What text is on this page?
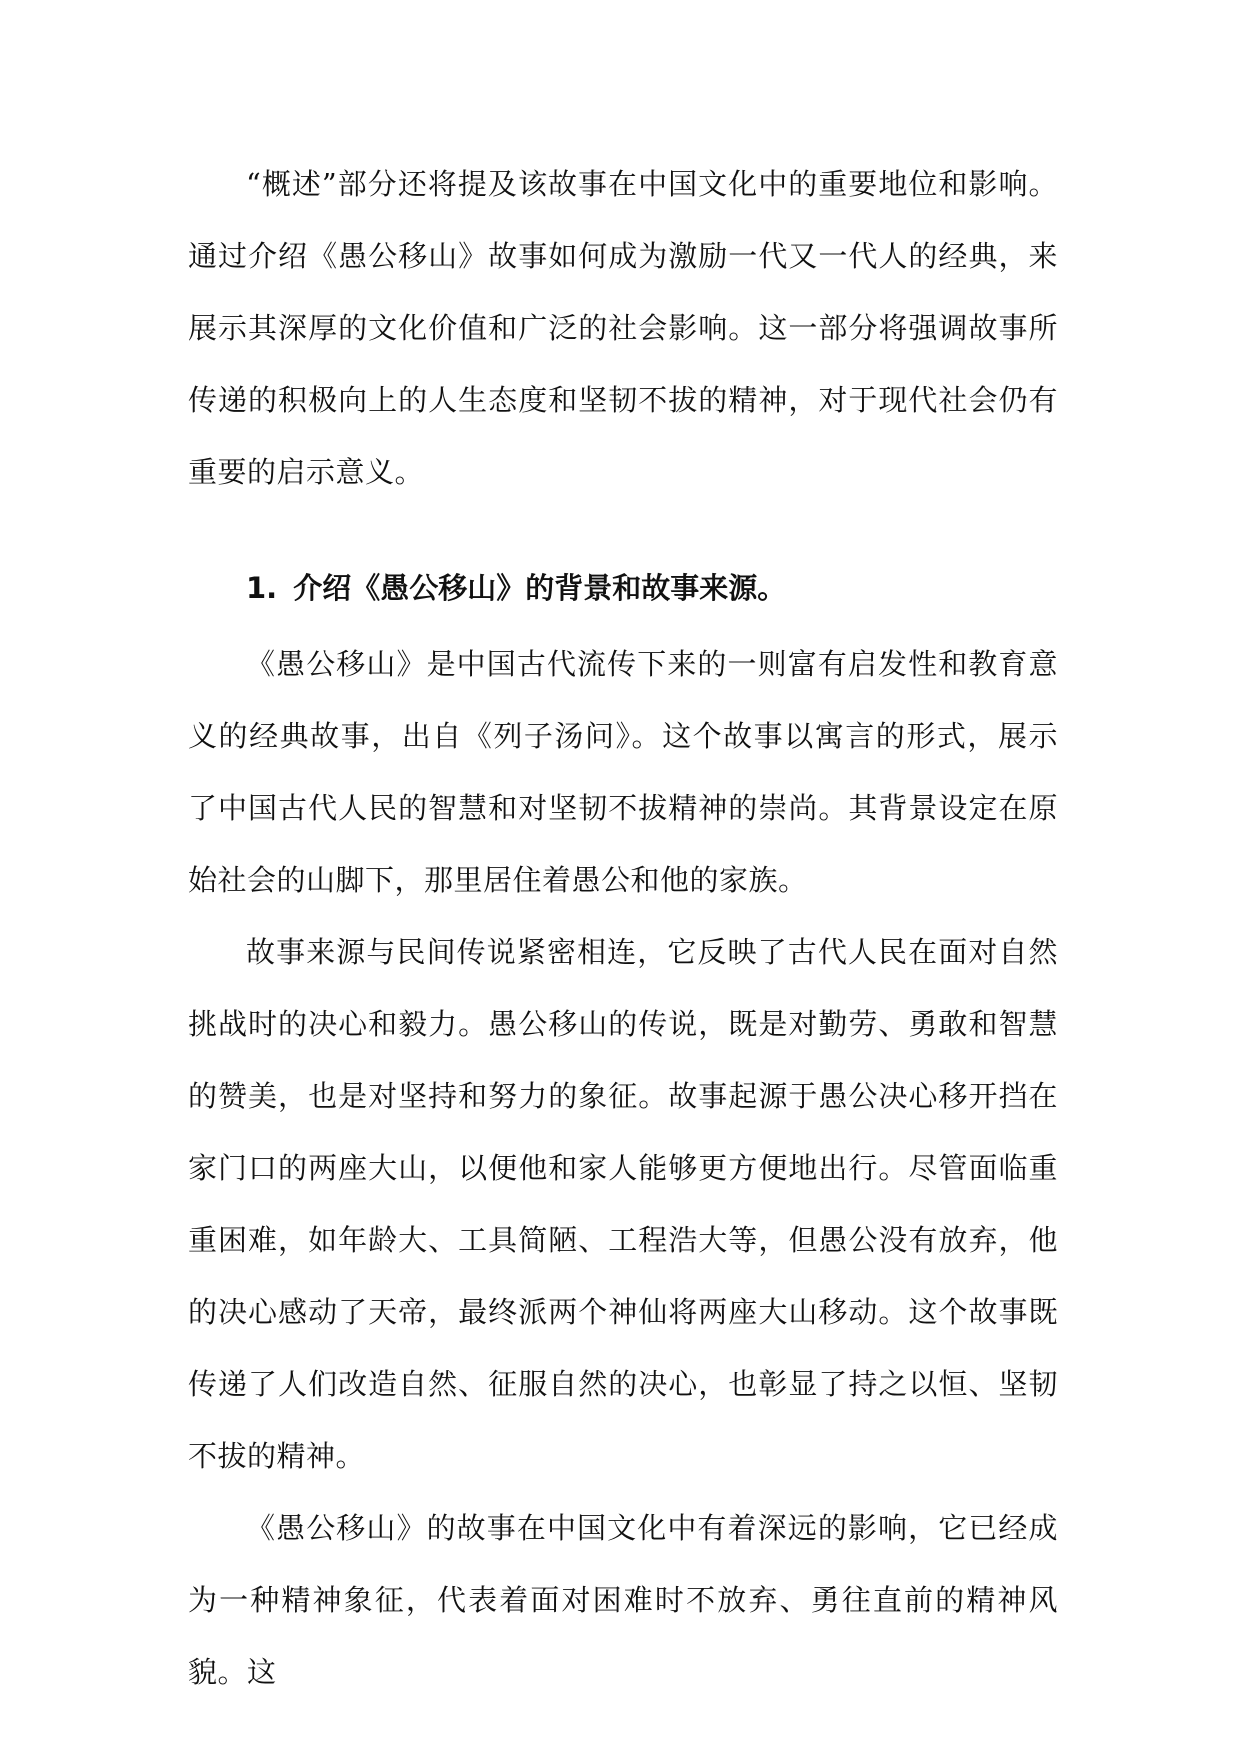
“概述”部分还将提及该故事在中国文化中的重要地位和影响。通过介绍《愚公移山》故事如何成为激励一代又一代人的经典，来展示其深厚的文化价值和广泛的社会影响。这一部分将强调故事所传递的积极向上的人生态度和坚韧不拔的精神，对于现代社会仍有重要的启示意义。

1. 介绍《愚公移山》的背景和故事来源。

《愚公移山》是中国古代流传下来的一则富有启发性和教育意义的经典故事，出自《列子汤问》。这个故事以寓言的形式，展示了中国古代人民的智慧和对坚韧不拔精神的崇尚。其背景设定在原始社会的山脚下，那里居住着愚公和他的家族。

故事来源与民间传说紧密相连，它反映了古代人民在面对自然挑战时的决心和毅力。愚公移山的传说，既是对勤劳、勇敢和智慧的赞美，也是对坚持和努力的象征。故事起源于愚公决心移开挡在家门口的两座大山，以便他和家人能够更方便地出行。尽管面临重重困难，如年龄大、工具简陋、工程浩大等，但愚公没有放弃，他的决心感动了天帝，最终派两个神仙将两座大山移动。这个故事既传递了人们改造自然、征服自然的决心，也彰显了持之以恒、坚韧不拔的精神。

《愚公移山》的故事在中国文化中有着深远的影响，它已经成为一种精神象征，代表着面对困难时不放弃、勇往直前的精神风貌。这
